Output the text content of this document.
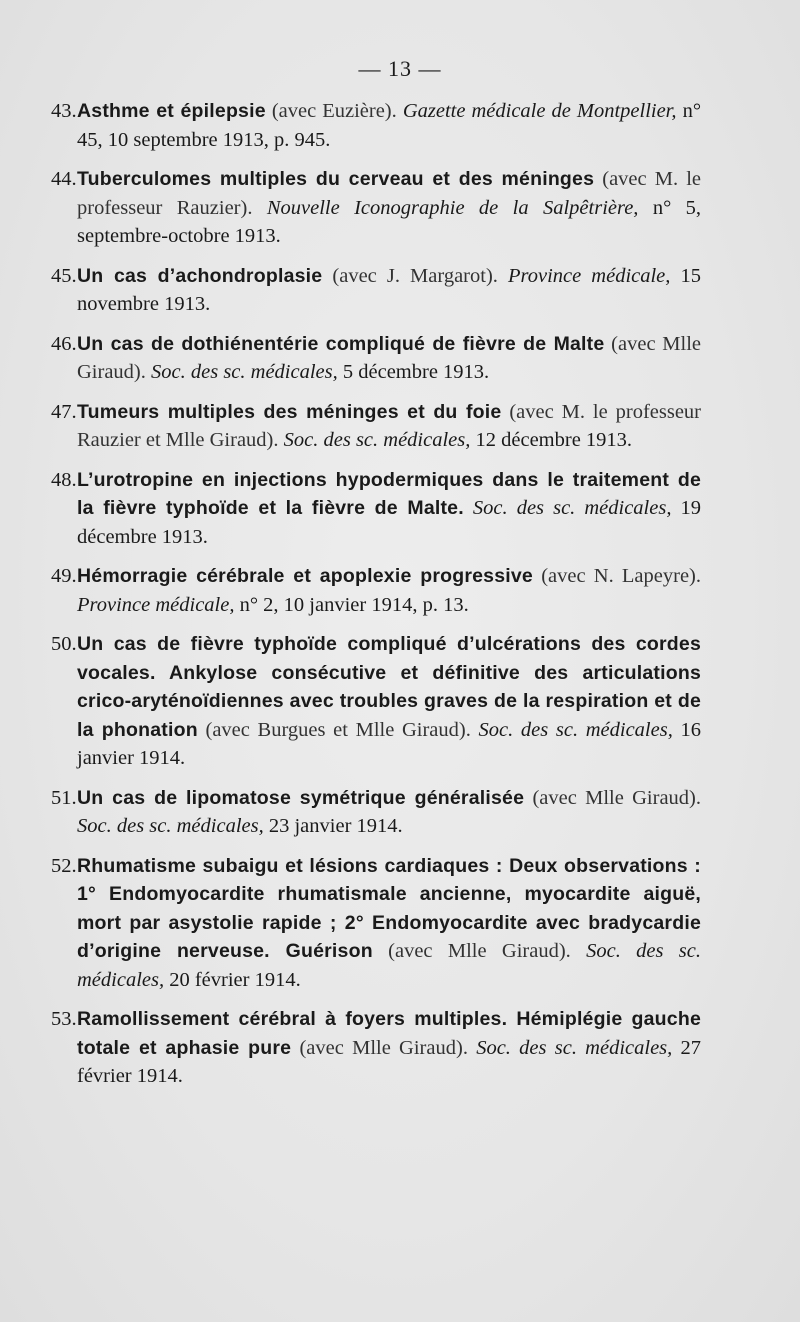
— 13 —
43. Asthme et épilepsie (avec Euzière). Gazette médicale de Montpellier, n° 45, 10 septembre 1913, p. 945.
44. Tuberculomes multiples du cerveau et des méninges (avec M. le professeur Rauzier). Nouvelle Iconographie de la Salpêtrière, n° 5, septembre-octobre 1913.
45. Un cas d’achondroplasie (avec J. Margarot). Province médicale, 15 novembre 1913.
46. Un cas de dothiénentérie compliqué de fièvre de Malte (avec Mlle Giraud). Soc. des sc. médicales, 5 décembre 1913.
47. Tumeurs multiples des méninges et du foie (avec M. le professeur Rauzier et Mlle Giraud). Soc. des sc. médicales, 12 décembre 1913.
48. L’urotropine en injections hypodermiques dans le traitement de la fièvre typhoïde et la fièvre de Malte. Soc. des sc. médicales, 19 décembre 1913.
49. Hémorragie cérébrale et apoplexie progressive (avec N. Lapeyre). Province médicale, n° 2, 10 janvier 1914, p. 13.
50. Un cas de fièvre typhoïde compliqué d’ulcérations des cordes vocales. Ankylose consécutive et définitive des articulations crico-aryténoïdiennes avec troubles graves de la respiration et de la phonation (avec Burgues et Mlle Giraud). Soc. des sc. médicales, 16 janvier 1914.
51. Un cas de lipomatose symétrique généralisée (avec Mlle Giraud). Soc. des sc. médicales, 23 janvier 1914.
52. Rhumatisme subaigu et lésions cardiaques : Deux observations : 1° Endomyocardite rhumatismale ancienne, myocardite aiguë, mort par asystolie rapide ; 2° Endomyocardite avec bradycardie d’origine nerveuse. Guérison (avec Mlle Giraud). Soc. des sc. médicales, 20 février 1914.
53. Ramollissement cérébral à foyers multiples. Hémiplégie gauche totale et aphasie pure (avec Mlle Giraud). Soc. des sc. médicales, 27 février 1914.
